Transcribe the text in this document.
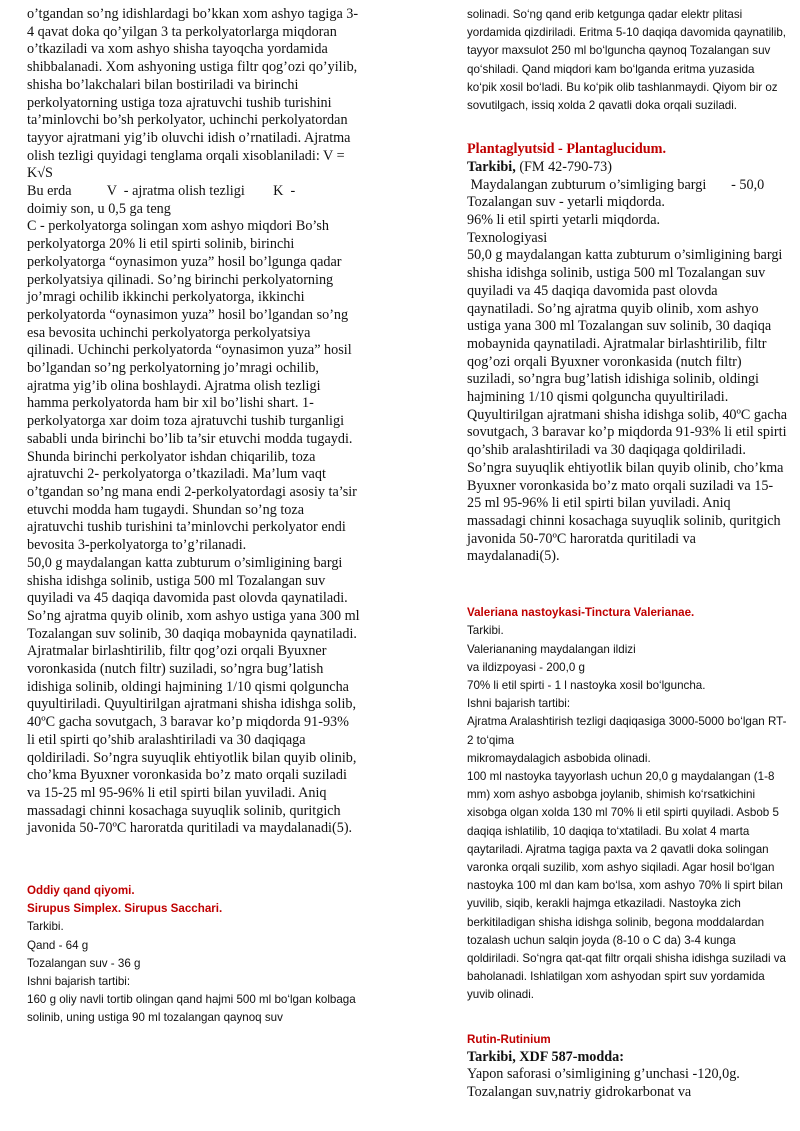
o’tgandan so’ng idishlardagi bo’kkan xom ashyo tagiga 3-4 qavat doka qo’yilgan 3 ta perkolyatorlarga miqdoran o’tkaziladi va xom ashyo shisha tayoqcha yordamida shibbalanadi. Xom ashyoning ustiga filtr qog’ozi qo’yilib, shisha bo’lakchalari bilan bostiriladi va birinchi perkolyatorning ustiga toza ajratuvchi tushib turishini ta’minlovchi bo’sh perkolyator, uchinchi perkolyatordan tayyor ajratmani yig’ib oluvchi idish o’rnatiladi. Ajratma olish tezligi quyidagi tenglama orqali xisoblaniladi: V = K√S

Bu erda          V  - ajratma olish tezligi        K  -

doimiy son, u 0,5 ga teng

C - perkolyatorga solingan xom ashyo miqdori Bo’sh perkolyatorga 20% li etil spirti solinib, birinchi perkolyatorga “oynasimon yuza” hosil bo’lgunga qadar perkolyatsiya qilinadi. So’ng birinchi perkolyatorning jo’mragi ochilib ikkinchi perkolyatorga, ikkinchi perkolyatorda “oynasimon yuza” hosil bo’lgandan so’ng esa bevosita uchinchi perkolyatorga perkolyatsiya qilinadi. Uchinchi perkolyatorda “oynasimon yuza” hosil bo’lgandan so’ng perkolyatorning jo’mragi ochilib, ajratma yig’ib olina boshlaydi. Ajratma olish tezligi hamma perkolyatorda ham bir xil bo’lishi shart. 1-perkolyatorga xar doim toza ajratuvchi tushib turganligi sababli unda birinchi bo’lib ta’sir etuvchi modda tugaydi. Shunda birinchi perkolyator ishdan chiqarilib, toza ajratuvchi 2- perkolyatorga o’tkaziladi. Ma’lum vaqt o’tgandan so’ng mana endi 2-perkolyatordagi asosiy ta’sir etuvchi modda ham tugaydi. Shundan so’ng toza ajratuvchi tushib turishini ta’minlovchi perkolyator endi bevosita 3-perkolyatorga to’g’rilanadi.

50,0 g maydalangan katta zubturum o’simligining bargi shisha idishga solinib, ustiga 500 ml Tozalangan suv quyiladi va 45 daqiqa davomida past olovda qaynatiladi. So’ng ajratma quyib olinib, xom ashyo ustiga yana 300 ml Tozalangan suv solinib, 30 daqiqa mobaynida qaynatiladi. Ajratmalar birlashtirilib, filtr qog’ozi orqali Byuxner voronkasida (nutch filtr) suziladi, so’ngra bug’latish idishiga solinib, oldingi hajmining 1/10 qismi qolguncha quyultiriladi. Quyultirilgan ajratmani shisha idishga solib, 40ºC gacha sovutgach, 3 baravar ko’p miqdorda 91-93% li etil spirti qo’shib aralashtiriladi va 30 daqiqaga qoldiriladi. So’ngra suyuqlik ehtiyotlik bilan quyib olinib, cho’kma Byuxner voronkasida bo’z mato orqali suziladi va 15-25 ml 95-96% li etil spirti bilan yuviladi. Aniq massadagi chinni kosachaga suyuqlik solinib, quritgich javonida 50-70ºC haroratda quritiladi va maydalanadi(5).

Oddiy qand qiyomi.

Sirupus Simplex. Sirupus Sacchari.

Tarkibi.

Qand - 64 g

Tozalangan suv - 36 g

Ishni bajarish tartibi:

160 g oliy navli tortib olingan qand hajmi 500 ml bo‘lgan kolbaga solinib, uning ustiga 90 ml tozalangan qaynoq suv

solinadi. So‘ng qand erib ketgunga qadar elektr plitasi yordamida qizdiriladi. Eritma 5-10 daqiqa davomida qaynatilib, tayyor maxsulot 250 ml bo‘lguncha qaynoq Tozalangan suv qo‘shiladi. Qand miqdori kam bo‘lganda eritma yuzasida ko‘pik xosil bo‘ladi. Bu ko‘pik olib tashlanmaydi. Qiyom bir oz sovutilgach, issiq xolda 2 qavatli doka orqali suziladi.

Plantaglyutsid - Plantaglucidum.

Tarkibi, (FM 42-790-73)

Maydalangan zubturum o’simliging bargi       - 50,0

Tozalangan suv - yetarli miqdorda.

96% li etil spirti yetarli miqdorda.

Texnologiyasi

50,0 g maydalangan katta zubturum o’simligining bargi shisha idishga solinib, ustiga 500 ml Tozalangan suv quyiladi va 45 daqiqa davomida past olovda qaynatiladi. So’ng ajratma quyib olinib, xom ashyo ustiga yana 300 ml Tozalangan suv solinib, 30 daqiqa mobaynida qaynatiladi. Ajratmalar birlashtirilib, filtr qog’ozi orqali Byuxner voronkasida (nutch filtr) suziladi, so’ngra bug’latish idishiga solinib, oldingi hajmining 1/10 qismi qolguncha quyultiriladi. Quyultirilgan ajratmani shisha idishga solib, 40ºC gacha sovutgach, 3 baravar ko’p miqdorda 91-93% li etil spirti qo’shib aralashtiriladi va 30 daqiqaga qoldiriladi. So’ngra suyuqlik ehtiyotlik bilan quyib olinib, cho’kma Byuxner voronkasida bo’z mato orqali suziladi va 15-25 ml 95-96% li etil spirti bilan yuviladi. Aniq massadagi chinni kosachaga suyuqlik solinib, quritgich javonida 50-70ºC haroratda quritiladi va maydalanadi(5).

Valeriana nastoykasi-Tinctura Valerianae.

Tarkibi.

Valeriananing maydalangan ildizi

va ildizpoyasi - 200,0 g

70% li etil spirti - 1 l nastoyka xosil bo‘lguncha.

Ishni bajarish tartibi:

Ajratma Aralashtirish tezligi daqiqasiga 3000-5000 bo‘lgan RT-2 to‘qima

mikromaydalagich asbobida olinadi.

100 ml nastoyka tayyorlash uchun 20,0 g maydalangan (1-8 mm) xom ashyo asbobga joylanib, shimish ko‘rsatkichini xisobga olgan xolda 130 ml 70% li etil spirti quyiladi. Asbob 5 daqiqa ishlatilib, 10 daqiqa to‘xtatiladi. Bu xolat 4 marta qaytariladi. Ajratma tagiga paxta va 2 qavatli doka solingan varonka orqali suzilib, xom ashyo siqiladi. Agar hosil bo‘lgan nastoyka 100 ml dan kam bo‘lsa, xom ashyo 70% li spirt bilan yuvilib, siqib, kerakli hajmga etkaziladi. Nastoyka zich berkitiladigan shisha idishga solinib, begona moddalardan tozalash uchun salqin joyda (8-10 o C da) 3-4 kunga qoldiriladi. So‘ngra qat-qat filtr orqali shisha idishga suziladi va baholanadi. Ishlatilgan xom ashyodan spirt suv yordamida yuvib olinadi.

Rutin-Rutinium

Tarkibi, XDF 587-modda:

Yapon saforasi o’simligining g’unchasi -120,0g.

Tozalangan suv,natriy gidrokarbonat va
